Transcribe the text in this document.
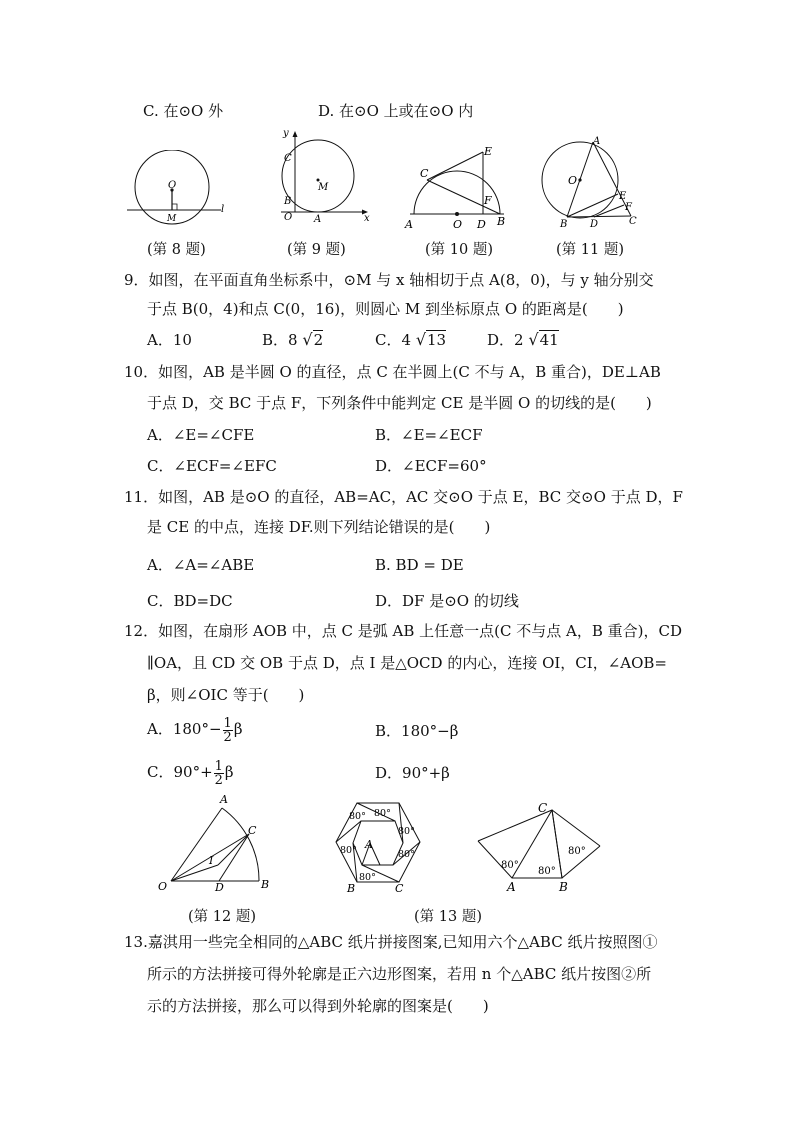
C. 在⊙O 外	D. 在⊙O 上或在⊙O 内
O
M
l
y
x
C
B
O A
M
C
E
F
A	O D B
A
O
E
F
B D	C
(第 8 题)	(第 9 题)	(第 10 题)	(第 11 题)
9．如图，在平面直角坐标系中，⊙M 与 x 轴相切于点 A(8，0)，与 y 轴分别交
于点 B(0，4)和点 C(0，16)，则圆心 M 到坐标原点 O 的距离是(　　)
A．10	B．8 √2	C．4 √13	D．2 √41
10．如图，AB 是半圆 O 的直径，点 C 在半圆上(C 不与 A，B 重合)，DE⊥AB
于点 D，交 BC 于点 F，下列条件中能判定 CE 是半圆 O 的切线的是(　　)
A．∠E=∠CFE	B．∠E=∠ECF
C．∠ECF=∠EFC	D．∠ECF=60°
11．如图，AB 是⊙O 的直径，AB=AC，AC 交⊙O 于点 E，BC 交⊙O 于点 D，F
是 CE 的中点，连接 DF.则下列结论错误的是(　　)
A．∠A=∠ABE	B. BD = DE
C．BD=DC	D．DF 是⊙O 的切线
12．如图，在扇形 AOB 中，点 C 是弧 AB 上任意一点(C 不与点 A，B 重合)，CD
∥OA，且 CD 交 OB 于点 D，点 I 是△OCD 的内心，连接 OI，CI，∠AOB=
β，则∠OIC 等于(　　)
A．$180^\circ- \frac{1}{2}$ β	B．180°−β
C．$90^\circ+ \frac{1}{2}$ β	D．90°+β
A
C
I
O	D	B
80° 80°
80°
80°	80°
80°
A
B	C
C
80°
80°
80°
A	B
(第 12 题)	(第 13 题)
13.嘉淇用一些完全相同的△ABC 纸片拼接图案,已知用六个△ABC 纸片按照图①
所示的方法拼接可得外轮廓是正六边形图案，若用 n 个△ABC 纸片按图②所
示的方法拼接，那么可以得到外轮廓的图案是(　　)
